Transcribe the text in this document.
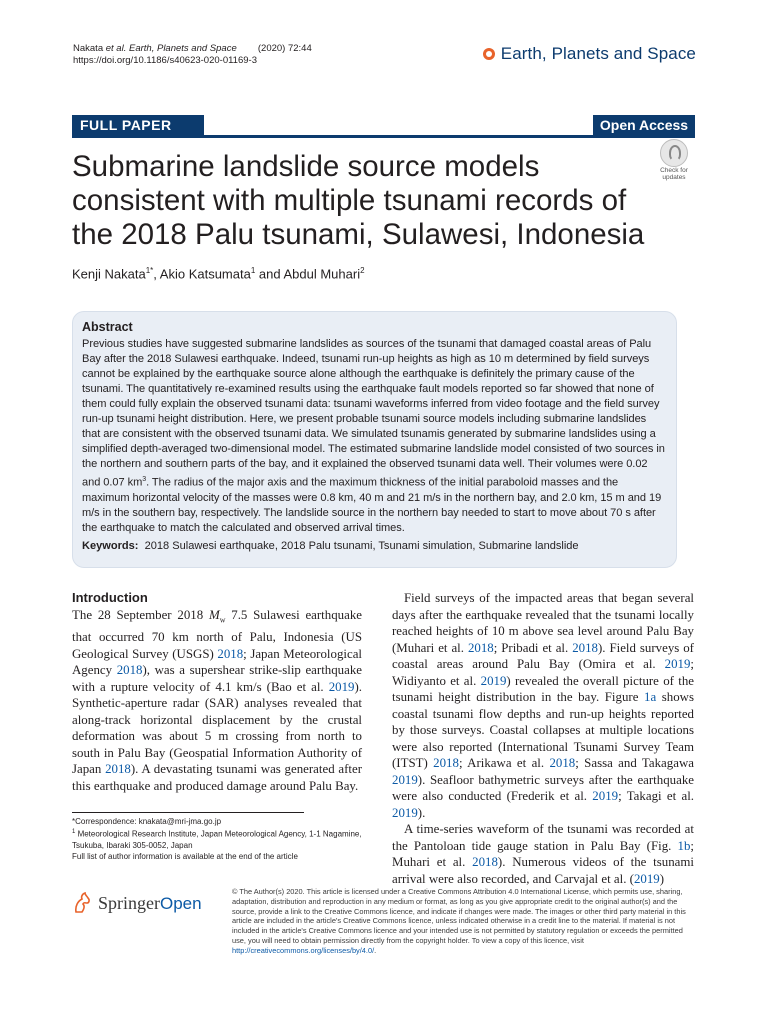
Nakata et al. Earth, Planets and Space (2020) 72:44
https://doi.org/10.1186/s40623-020-01169-3	Earth, Planets and Space
FULL PAPER	Open Access
Submarine landslide source models consistent with multiple tsunami records of the 2018 Palu tsunami, Sulawesi, Indonesia
Check for updates
Kenji Nakata$^{1*}$, Akio Katsumata$^1$ and Abdul Muhari$^2$
Abstract
Previous studies have suggested submarine landslides as sources of the tsunami that damaged coastal areas of Palu Bay after the 2018 Sulawesi earthquake. Indeed, tsunami run-up heights as high as 10 m determined by field surveys cannot be explained by the earthquake source alone although the earthquake is definitely the primary cause of the tsunami. The quantitatively re-examined results using the earthquake fault models reported so far showed that none of them could fully explain the observed tsunami data: tsunami waveforms inferred from video footage and the field survey run-up tsunami height distribution. Here, we present probable tsunami source models including submarine landslides that are consistent with the observed tsunami data. We simulated tsunamis generated by submarine landslides using a simplified depth-averaged two-dimensional model. The estimated submarine landslide model consisted of two sources in the northern and southern parts of the bay, and it explained the observed tsunami data well. Their volumes were 0.02 and 0.07 $km^3$. The radius of the major axis and the maximum thickness of the initial paraboloid masses and the maximum horizontal velocity of the masses were 0.8 km, 40 m and 21 m/s in the northern bay, and 2.0 km, 15 m and 19 m/s in the southern bay, respectively. The landslide source in the northern bay needed to start to move about 70 s after the earthquake to match the calculated and observed arrival times.
Keywords: 2018 Sulawesi earthquake, 2018 Palu tsunami, Tsunami simulation, Submarine landslide
Introduction
The 28 September 2018 $M_w$ 7.5 Sulawesi earthquake that occurred 70 km north of Palu, Indonesia (US Geological Survey (USGS) 2018; Japan Meteorological Agency 2018), was a supershear strike-slip earthquake with a rupture velocity of 4.1 km/s (Bao et al. 2019). Synthetic-aperture radar (SAR) analyses revealed that along-track horizontal displacement by the crustal deformation was about 5 m crossing from north to south in Palu Bay (Geospatial Information Authority of Japan 2018). A devastating tsunami was generated after this earthquake and produced damage around Palu Bay.

Field surveys of the impacted areas that began several days after the earthquake revealed that the tsunami locally reached heights of 10 m above sea level around Palu Bay (Muhari et al. 2018; Pribadi et al. 2018). Field surveys of coastal areas around Palu Bay (Omira et al. 2019; Widiyanto et al. 2019) revealed the overall picture of the tsunami height distribution in the bay. Figure 1a shows coastal tsunami flow depths and run-up heights reported by those surveys. Coastal collapses at multiple locations were also reported (International Tsunami Survey Team (ITST) 2018; Arikawa et al. 2018; Sassa and Takagawa 2019). Seafloor bathymetric surveys after the earthquake were also conducted (Frederik et al. 2019; Takagi et al. 2019).

A time-series waveform of the tsunami was recorded at the Pantoloan tide gauge station in Palu Bay (Fig. 1b; Muhari et al. 2018). Numerous videos of the tsunami arrival were also recorded, and Carvajal et al. (2019)

*Correspondence: knakata@mri-jma.go.jp
$^1$ Meteorological Research Institute, Japan Meteorological Agency, 1-1 Nagamine, Tsukuba, Ibaraki 305-0052, Japan
Full list of author information is available at the end of the article
SpringerOpen
© The Author(s) 2020. This article is licensed under a Creative Commons Attribution 4.0 International License, which permits use, sharing, adaptation, distribution and reproduction in any medium or format, as long as you give appropriate credit to the original author(s) and the source, provide a link to the Creative Commons licence, and indicate if changes were made. The images or other third party material in this article are included in the article's Creative Commons licence, unless indicated otherwise in a credit line to the material. If material is not included in the article's Creative Commons licence and your intended use is not permitted by statutory regulation or exceeds the permitted use, you will need to obtain permission directly from the copyright holder. To view a copy of this licence, visit http://creativecommons.org/licenses/by/4.0/.
